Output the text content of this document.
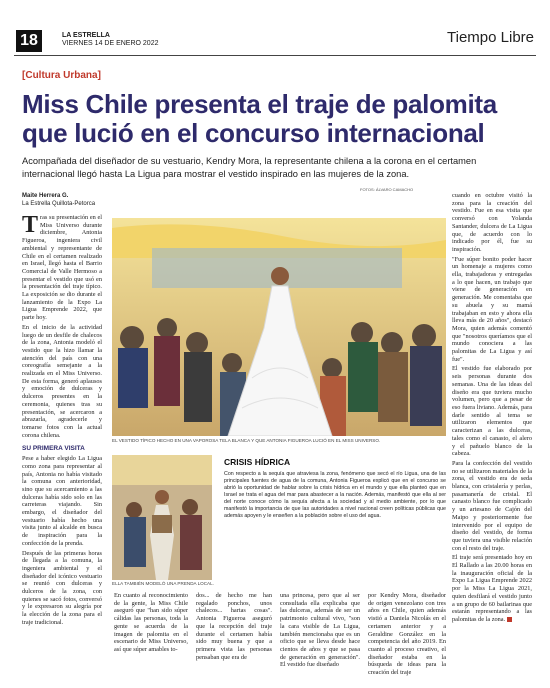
18	LA ESTRELLA
VIERNES 14 DE ENERO 2022	Tiempo Libre
[Cultura Urbana]
Miss Chile presenta el traje de palomita que lució en el concurso internacional
Acompañada del diseñador de su vestuario, Kendry Mora, la representante chilena a la corona en el certamen internacional llegó hasta La Ligua para mostrar el vestido inspirado en las mujeres de la zona.
Maite Herrera G.
La Estrella Quillota-Petorca
FOTOS: ÁLVARO CAMACHO

Tras su presentación en el Miss Universo durante diciembre, Antonia Figueroa, ingeniera civil ambiental y representante de Chile en el certamen realizado en Israel, llegó hasta el Barrio Comercial de Valle Hermoso a presentar el vestido que usó en la presentación del traje típico. La exposición se dio durante el lanzamiento de la Expo La Ligua Emprende 2022, que parte hoy.

En el inicio de la actividad luego de un desfile de chalecos de la zona, Antonia modeló el vestido que la hizo llamar la atención del país con una coreografía semejante a la realizada en el Miss Universo. De esta forma, generó aplausos y emoción de dulceras y dulceros presentes en la ceremonia, quienes tras su presentación, se acercaron a abrazarla, agradecerle y tomarse fotos con la actual corona chilena.

SU PRIMERA VISITA

Pese a haber elegido La Ligua como zona para representar al país, Antonia no había visitado la comuna con anterioridad, sino que su acercamiento a las dulceras había sido solo en las carreteras viajando. Sin embargo, el diseñador del vestuario había hecho una visita junto al alcalde en busca de inspiración para la confección de la prenda.

Después de las primeras horas de llegada a la comuna, la ingeniera ambiental y el diseñador del icónico vestuario se reunió con dulceras y dulceros de la zona, con quienes se sacó fotos, conversó y le expresaron su alegría por la elección de la zona para el traje tradicional.

EL VESTIDO TÍPICO HECHO EN UNA VAPOROSA TELA BLANCA Y QUE ANTONIA FIGUEROA LUCIÓ EN EL MISS UNIVERSO.
ELLA TAMBIÉN MODELÓ UNA PRENDA LOCAL.
CRISIS HÍDRICA
Con respecto a la sequía que atraviesa la zona, fenómeno que secó el río Ligua, una de las principales fuentes de agua de la comuna, Antonia Figueroa explicó que en el concurso se abrió la oportunidad de hablar sobre la crisis hídrica en el mundo y que ella planteó que en Israel se trata el agua del mar para abastecer a la nación. Además, manifestó que ella al ser del norte conoce cómo la sequía afecta a la sociedad y al medio ambiente, por lo que manifestó la importancia de que las autoridades a nivel nacional creen políticas públicas que además apoyen y le enseñen a la población sobre el uso del agua.
En cuanto al reconocimiento de la gente, la Miss Chile aseguró que "han sido súper cálidas las personas, toda la gente se acuerda de la imagen de palomita en el escenario de Miss Universo, así que súper amables to-
dos... de hecho me han regalado ponchos, unos chalecos... hartas cosas". Antonia Figueroa aseguró que la recepción del traje durante el certamen había sido muy buena y que a primera vista las personas pensaban que era de
una princesa, pero que al ser consultada ella explicaba que las dulceras, además de ser un patrimonio cultural vivo, "son la cara visible de La Ligua, también mencionaba que es un oficio que se lleva desde hace cientos de años y que se pasa de generación en generación". El vestido fue diseñado
por Kendry Mora, diseñador de origen venezolano con tres años en Chile, quien además vistió a Daniela Nicolás en el certamen anterior y a Geraldine González en la competencia del año 2019. En cuanto al proceso creativo, el diseñador estaba en la búsqueda de ideas para la creación del traje

cuando en octubre visitó la zona para la creación del vestido. Fue en esa visita que conversó con Yolanda Santander, dulcera de La Ligua que, de acuerdo con lo indicado por él, fue su inspiración.

"Fue súper bonito poder hacer un homenaje a mujeres como ella, trabajadoras y entregadas a lo que hacen, un trabajo que viene de generación en generación. Me comentaba que su abuela y su mamá trabajaban en esto y ahora ella lleva más de 20 años", destacó Mora, quien además comentó que "nosotros queríamos que el mundo conociera a las palomitas de La Ligua y así fue".

El vestido fue elaborado por seis personas durante dos semanas. Una de las ideas del diseño era que tuviera mucho volumen, pero que a pesar de eso fuera liviano. Además, para darle sentido al tema se utilizaron elementos que caracterizan a las dulceras, tales como el canasto, el alero y el pañuelo blanco de la cabeza.

Para la confección del vestido no se utilizaron materiales de la zona, el vestido era de seda blanca, con cristalería y perlas, pasamanería de cristal. El canasto blanco fue complicado y un artesano de Cajón del Maipo y posteriormente fue intervenido por el equipo de diseño del vestido, de forma que tuviera una visible relación con el resto del traje.

El traje será presentado hoy en El Rallado a las 20.00 horas en la inauguración oficial de la Expo La Ligua Emprende 2022 por la Miss La Ligua 2021, quien desfilará el vestido junto a un grupo de 60 bailarinas que estarán representando a las palomitas de la zona.
